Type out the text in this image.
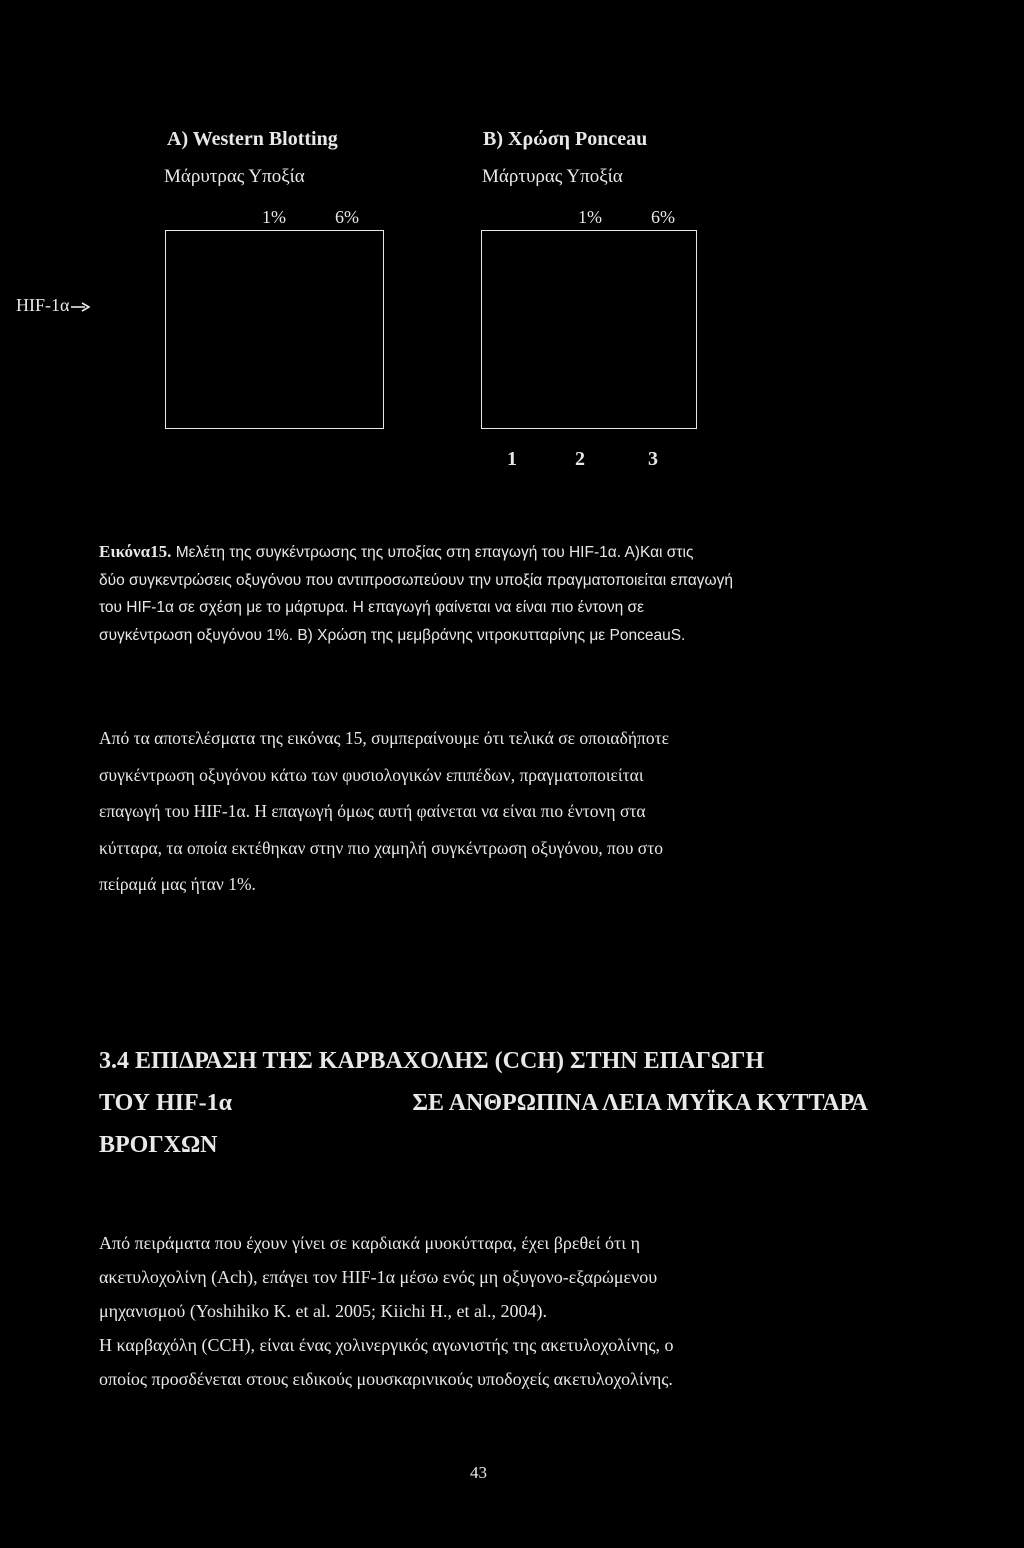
A) Western Blotting
Μάρυτρας Υποξία
1%	6%
B) Χρώση Ponceau
Μάρτυρας Υποξία
1%	6%
HIF-1α
1	2	3
Εικόνα15. Μελέτη της συγκέντρωσης της υποξίας στη επαγωγή του HIF-1α. Α)Και στις
δύο συγκεντρώσεις οξυγόνου που αντιπροσωπεύουν την υποξία πραγματοποιείται επαγωγή
του HIF-1α σε σχέση με το μάρτυρα. Η επαγωγή φαίνεται να είναι πιο έντονη σε
συγκέντρωση οξυγόνου 1%. Β) Χρώση της μεμβράνης νιτροκυτταρίνης με PonceauS.
Από τα αποτελέσματα της εικόνας 15, συμπεραίνουμε ότι τελικά σε οποιαδήποτε
συγκέντρωση οξυγόνου κάτω των φυσιολογικών επιπέδων, πραγματοποιείται
επαγωγή του HIF-1α. Η επαγωγή όμως αυτή φαίνεται να είναι πιο έντονη στα
κύτταρα, τα οποία εκτέθηκαν στην πιο χαμηλή συγκέντρωση οξυγόνου, που στο
πείραμά μας ήταν 1%.
3.4 ΕΠΙΔΡΑΣΗ ΤΗΣ ΚΑΡΒΑΧΟΛΗΣ (CCH) ΣΤΗΝ ΕΠΑΓΩΓΗ
ΤΟΥ HIF-1α	ΣΕ ΑΝΘΡΩΠΙΝΑ ΛΕΙΑ ΜΥΪΚΑ ΚΥΤΤΑΡΑ
ΒΡΟΓΧΩΝ
Από πειράματα που έχουν γίνει σε καρδιακά μυοκύτταρα, έχει βρεθεί ότι η
ακετυλοχολίνη (Ach), επάγει τον HIF-1α μέσω ενός μη οξυγονο-εξαρώμενου
μηχανισμού (Yoshihiko K. et al. 2005; Kiichi H., et al., 2004).
Η καρβαχόλη (CCH), είναι ένας χολινεργικός αγωνιστής της ακετυλοχολίνης, ο
οποίος προσδένεται στους ειδικούς μουσκαρινικούς υποδοχείς ακετυλοχολίνης.
43
